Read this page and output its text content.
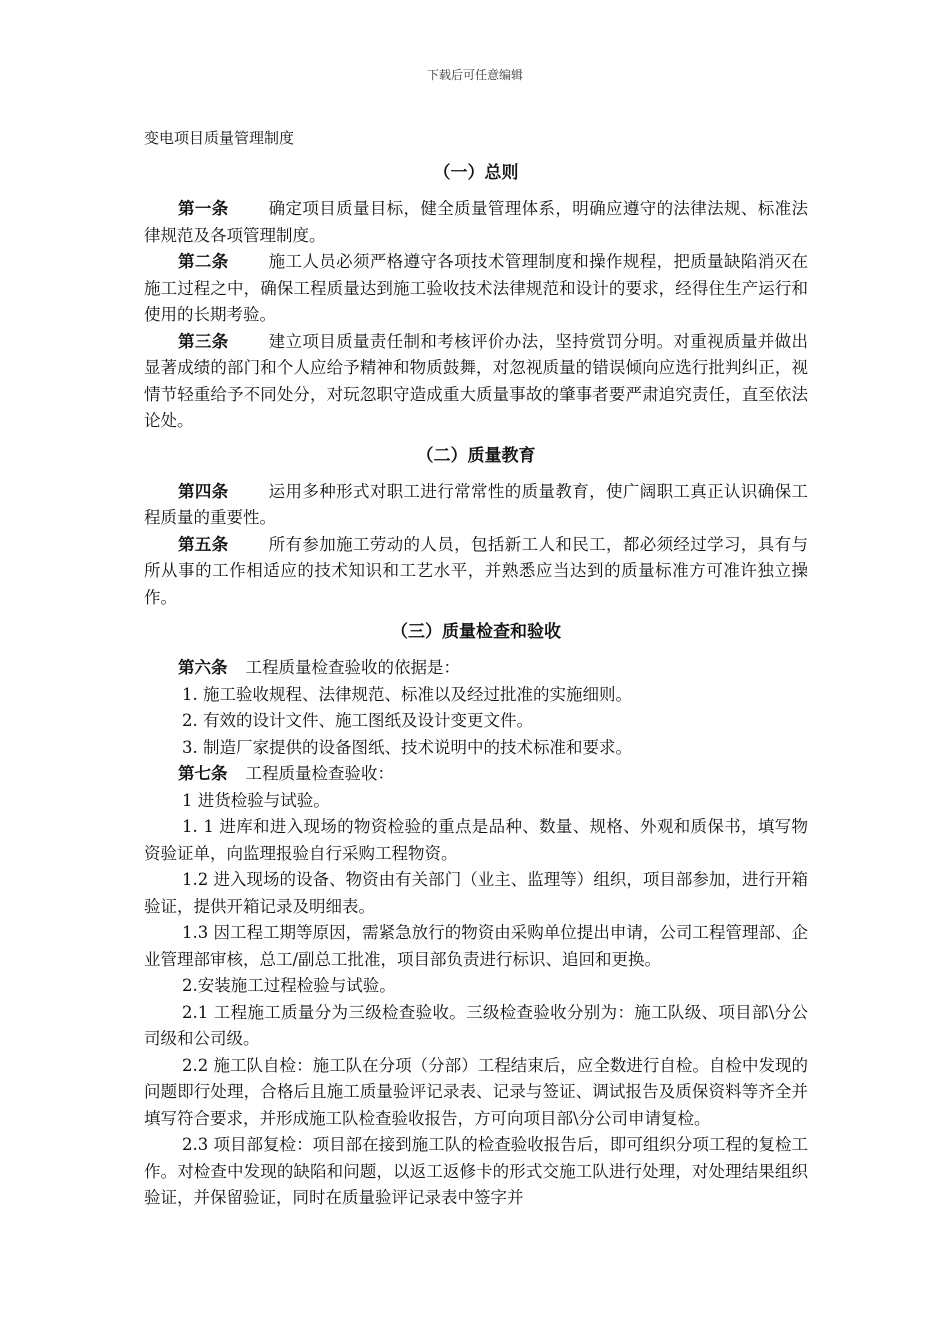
下载后可任意编辑
变电项目质量管理制度
（一）总则

第一条 确定项目质量目标，健全质量管理体系，明确应遵守的法律法规、标准法律规范及各项管理制度。

第二条 施工人员必须严格遵守各项技术管理制度和操作规程，把质量缺陷消灭在施工过程之中，确保工程质量达到施工验收技术法律规范和设计的要求，经得住生产运行和使用的长期考验。

第三条 建立项目质量责任制和考核评价办法，坚持赏罚分明。对重视质量并做出显著成绩的部门和个人应给予精神和物质鼓舞，对忽视质量的错误倾向应选行批判纠正，视情节轻重给予不同处分，对玩忽职守造成重大质量事故的肇事者要严肃追究责任，直至依法论处。

（二）质量教育

第四条 运用多种形式对职工进行常常性的质量教育，使广阔职工真正认识确保工程质量的重要性。

第五条 所有参加施工劳动的人员，包括新工人和民工，都必须经过学习，具有与所从事的工作相适应的技术知识和工艺水平，并熟悉应当达到的质量标准方可准许独立操作。

（三）质量检查和验收

第六条 工程质量检查验收的依据是：

1. 施工验收规程、法律规范、标准以及经过批准的实施细则。

2. 有效的设计文件、施工图纸及设计变更文件。

3. 制造厂家提供的设备图纸、技术说明中的技术标准和要求。

第七条 工程质量检查验收：

1 进货检验与试验。

1. 1 进库和进入现场的物资检验的重点是品种、数量、规格、外观和质保书，填写物资验证单，向监理报验自行采购工程物资。

1.2 进入现场的设备、物资由有关部门（业主、监理等）组织，项目部参加，进行开箱验证，提供开箱记录及明细表。

1.3 因工程工期等原因，需紧急放行的物资由采购单位提出申请，公司工程管理部、企业管理部审核，总工/副总工批准，项目部负责进行标识、追回和更换。

2.安装施工过程检验与试验。

2.1 工程施工质量分为三级检查验收。三级检查验收分别为：施工队级、项目部\分公司级和公司级。

2.2 施工队自检：施工队在分项（分部）工程结束后，应全数进行自检。自检中发现的问题即行处理，合格后且施工质量验评记录表、记录与签证、调试报告及质保资料等齐全并填写符合要求，并形成施工队检查验收报告，方可向项目部\分公司申请复检。

2.3 项目部复检：项目部在接到施工队的检查验收报告后，即可组织分项工程的复检工作。对检查中发现的缺陷和问题，以返工返修卡的形式交施工队进行处理，对处理结果组织验证，并保留验证，同时在质量验评记录表中签字并
